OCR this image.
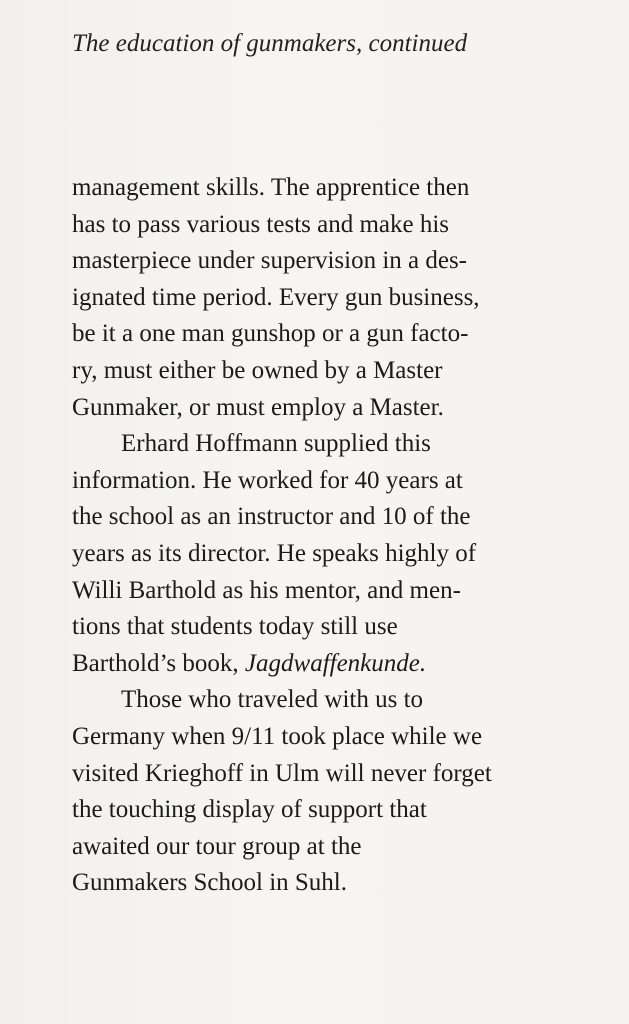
The education of gunmakers, continued
management skills. The apprentice then
has to pass various tests and make his
masterpiece under supervision in a des-
ignated time period. Every gun business,
be it a one man gunshop or a gun facto-
ry, must either be owned by a Master
Gunmaker, or must employ a Master.
Erhard Hoffmann supplied this
information. He worked for 40 years at
the school as an instructor and 10 of the
years as its director. He speaks highly of
Willi Barthold as his mentor, and men-
tions that students today still use
Barthold’s book, Jagdwaffenkunde.
Those who traveled with us to
Germany when 9/11 took place while we
visited Krieghoff in Ulm will never forget
the touching display of support that
awaited our tour group at the
Gunmakers School in Suhl.
